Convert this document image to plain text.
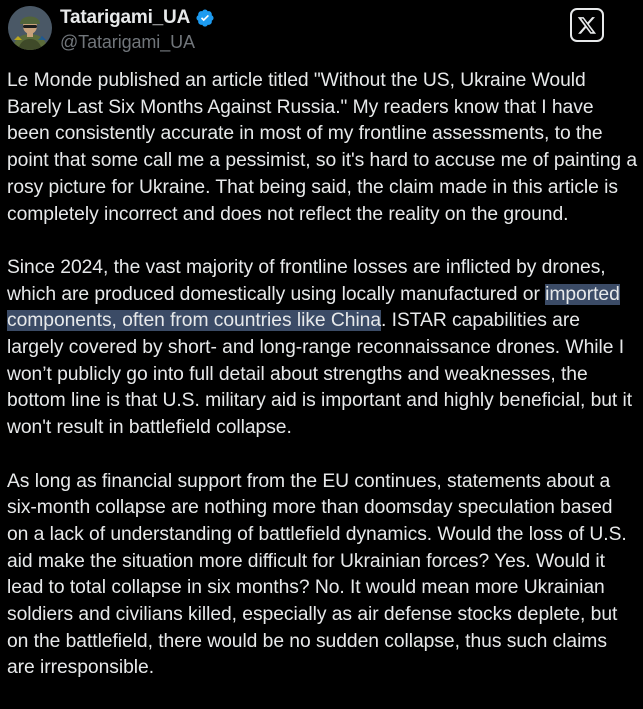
Tatarigami_UA
@Tatarigami_UA

Le Monde published an article titled "Without the US, Ukraine Would Barely Last Six Months Against Russia." My readers know that I have been consistently accurate in most of my frontline assessments, to the point that some call me a pessimist, so it's hard to accuse me of painting a rosy picture for Ukraine. That being said, the claim made in this article is completely incorrect and does not reflect the reality on the ground.

Since 2024, the vast majority of frontline losses are inflicted by drones, which are produced domestically using locally manufactured or imported components, often from countries like China. ISTAR capabilities are largely covered by short- and long-range reconnaissance drones. While I won’t publicly go into full detail about strengths and weaknesses, the bottom line is that U.S. military aid is important and highly beneficial, but it won't result in battlefield collapse.

As long as financial support from the EU continues, statements about a six-month collapse are nothing more than doomsday speculation based on a lack of understanding of battlefield dynamics. Would the loss of U.S. aid make the situation more difficult for Ukrainian forces? Yes. Would it lead to total collapse in six months? No. It would mean more Ukrainian soldiers and civilians killed, especially as air defense stocks deplete, but on the battlefield, there would be no sudden collapse, thus such claims are irresponsible.
